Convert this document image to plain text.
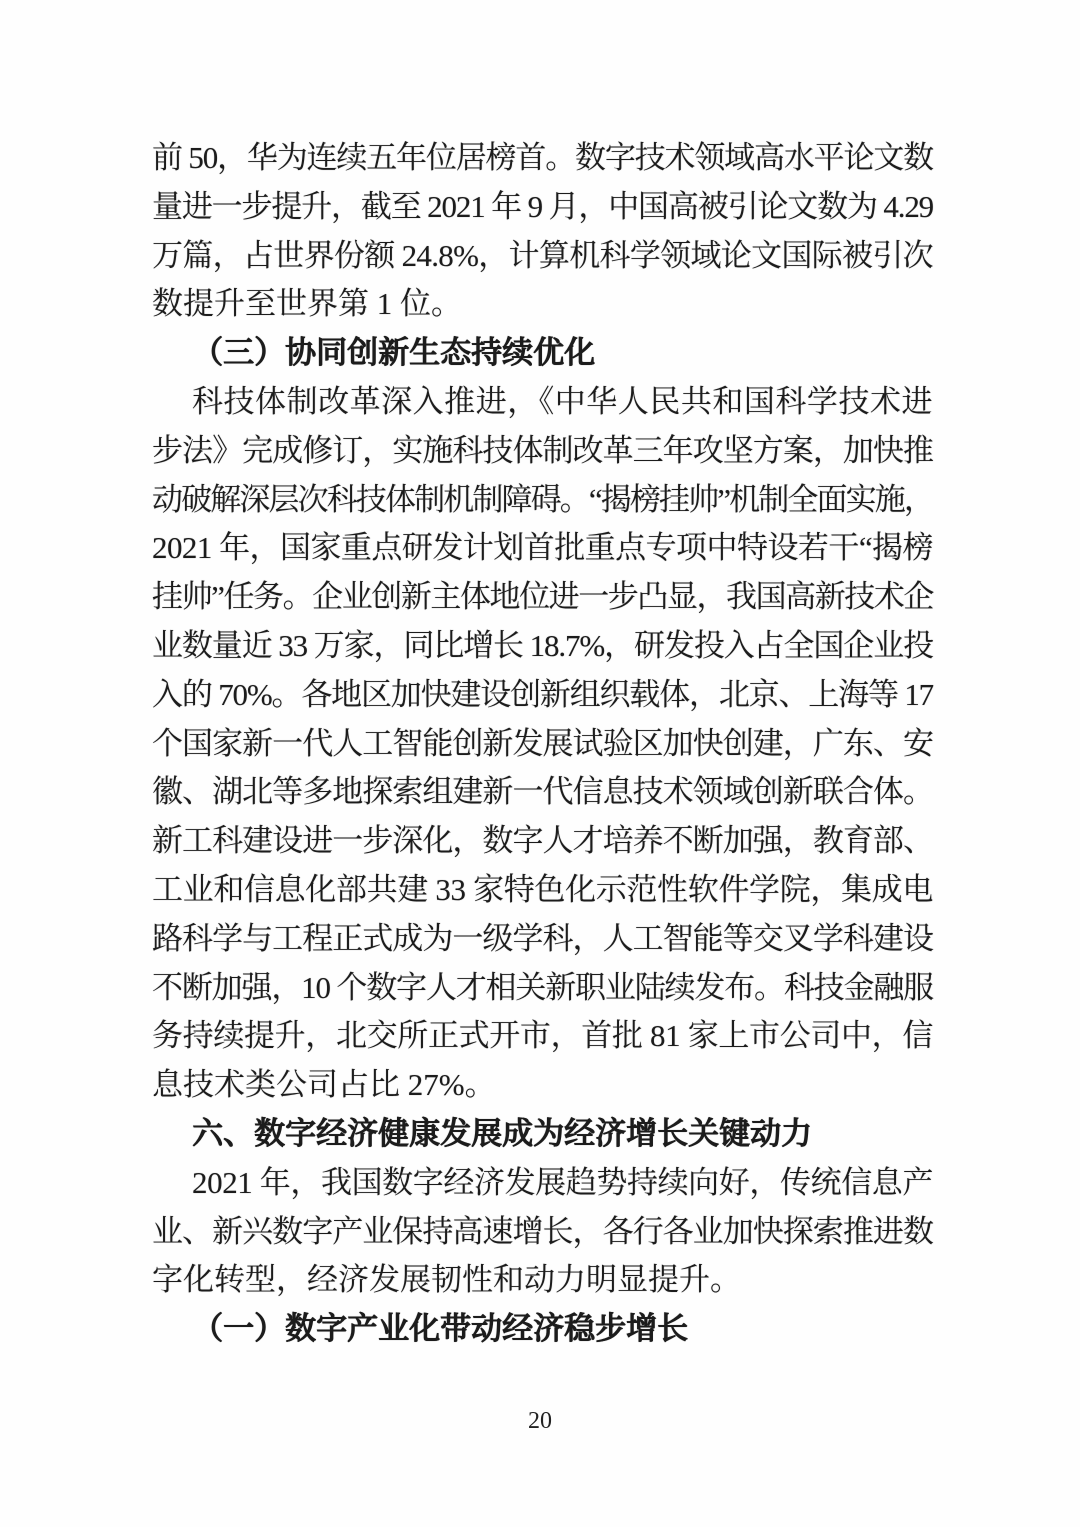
前 50，华为连续五年位居榜首。数字技术领域高水平论文数
量进一步提升，截至 2021 年 9 月，中国高被引论文数为 4.29
万篇，占世界份额 24.8%，计算机科学领域论文国际被引次
数提升至世界第 1 位。
（三）协同创新生态持续优化
科技体制改革深入推进，《中华人民共和国科学技术进
步法》完成修订，实施科技体制改革三年攻坚方案，加快推
动破解深层次科技体制机制障碍。“揭榜挂帅”机制全面实施，
2021 年，国家重点研发计划首批重点专项中特设若干“揭榜
挂帅”任务。企业创新主体地位进一步凸显，我国高新技术企
业数量近 33 万家，同比增长 18.7%，研发投入占全国企业投
入的 70%。各地区加快建设创新组织载体，北京、上海等 17
个国家新一代人工智能创新发展试验区加快创建，广东、安
徽、湖北等多地探索组建新一代信息技术领域创新联合体。
新工科建设进一步深化，数字人才培养不断加强，教育部、
工业和信息化部共建 33 家特色化示范性软件学院，集成电
路科学与工程正式成为一级学科，人工智能等交叉学科建设
不断加强，10 个数字人才相关新职业陆续发布。科技金融服
务持续提升，北交所正式开市，首批 81 家上市公司中，信
息技术类公司占比 27%。
六、数字经济健康发展成为经济增长关键动力
2021 年，我国数字经济发展趋势持续向好，传统信息产
业、新兴数字产业保持高速增长，各行各业加快探索推进数
字化转型，经济发展韧性和动力明显提升。
（一）数字产业化带动经济稳步增长
20
